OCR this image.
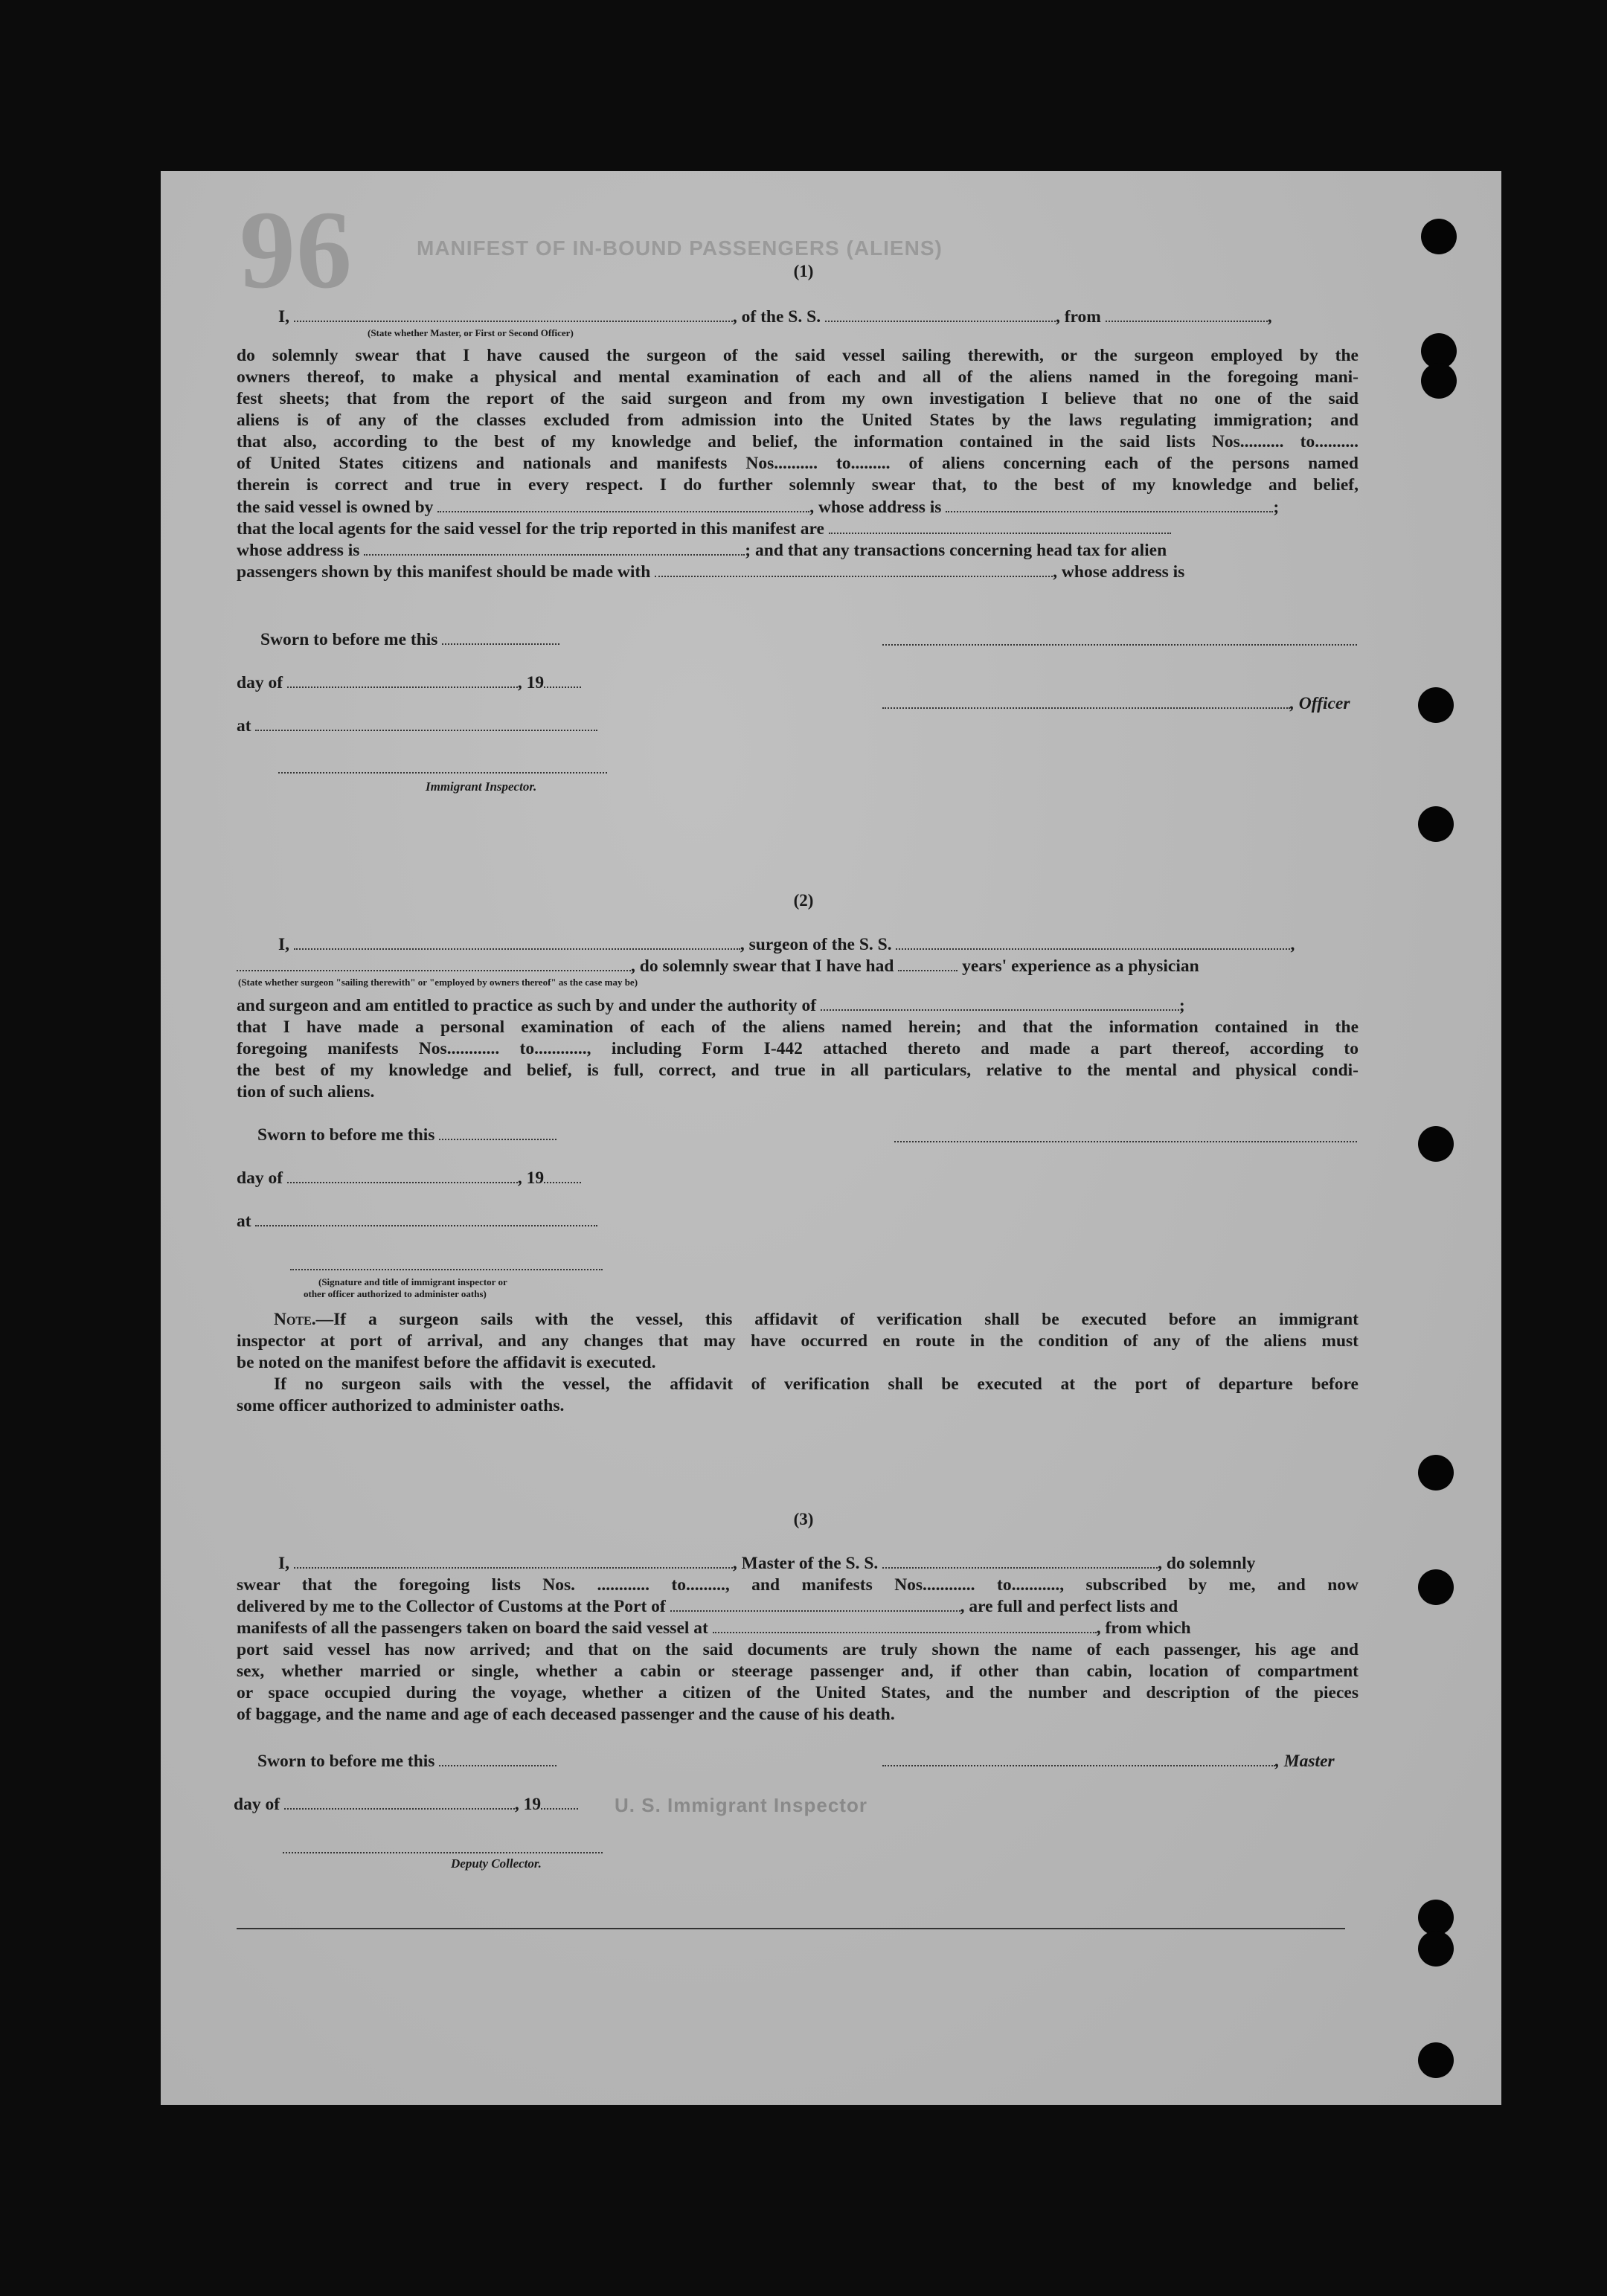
MANIFEST OF IN-BOUND PASSENGERS (ALIENS)
96	(1)
I,	, of the S. S.	, from	,
(State whether Master, or First or Second Officer)
do solemnly swear that I have caused the surgeon of the said vessel sailing therewith, or the surgeon employed by the
owners thereof, to make a physical and mental examination of each and all of the aliens named in the foregoing mani-
fest sheets; that from the report of the said surgeon and from my own investigation I believe that no one of the said
aliens is of any of the classes excluded from admission into the United States by the laws regulating immigration; and
that also, according to the best of my knowledge and belief, the information contained in the said lists Nos.......... to..........
of United States citizens and nationals and manifests Nos.......... to......... of aliens concerning each of the persons named
therein is correct and true in every respect. I do further solemnly swear that, to the best of my knowledge and belief,
the said vessel is owned by	, whose address is	;
that the local agents for the said vessel for the trip reported in this manifest are
whose address is	; and that any transactions concerning head tax for alien
passengers shown by this manifest should be made with	, whose address is
Sworn to before me this
day of	, 19
, Officer
at
Immigrant Inspector.
(2)
I,	, surgeon of the S. S.	,
, do solemnly swear that I have had	years' experience as a physician
(State whether surgeon "sailing therewith" or "employed by owners thereof" as the case may be)
and surgeon and am entitled to practice as such by and under the authority of	;
that I have made a personal examination of each of the aliens named herein; and that the information contained in the
foregoing manifests Nos............ to............, including Form I-442 attached thereto and made a part thereof, according to
the best of my knowledge and belief, is full, correct, and true in all particulars, relative to the mental and physical condi-
tion of such aliens.
Sworn to before me this
day of	, 19
at
(Signature and title of immigrant inspector or
other officer authorized to administer oaths)
Note.—If a surgeon sails with the vessel, this affidavit of verification shall be executed before an immigrant
inspector at port of arrival, and any changes that may have occurred en route in the condition of any of the aliens must
be noted on the manifest before the affidavit is executed.
If no surgeon sails with the vessel, the affidavit of verification shall be executed at the port of departure before
some officer authorized to administer oaths.
(3)
I,	, Master of the S. S.	, do solemnly
swear that the foregoing lists Nos. ............ to........., and manifests Nos............ to..........., subscribed by me, and now
delivered by me to the Collector of Customs at the Port of	, are full and perfect lists and
manifests of all the passengers taken on board the said vessel at	, from which
port said vessel has now arrived; and that on the said documents are truly shown the name of each passenger, his age and
sex, whether married or single, whether a cabin or steerage passenger and, if other than cabin, location of compartment
or space occupied during the voyage, whether a citizen of the United States, and the number and description of the pieces
of baggage, and the name and age of each deceased passenger and the cause of his death.
Sworn to before me this	, Master
day of	, 19	U. S. Immigrant Inspector
Deputy Collector.
